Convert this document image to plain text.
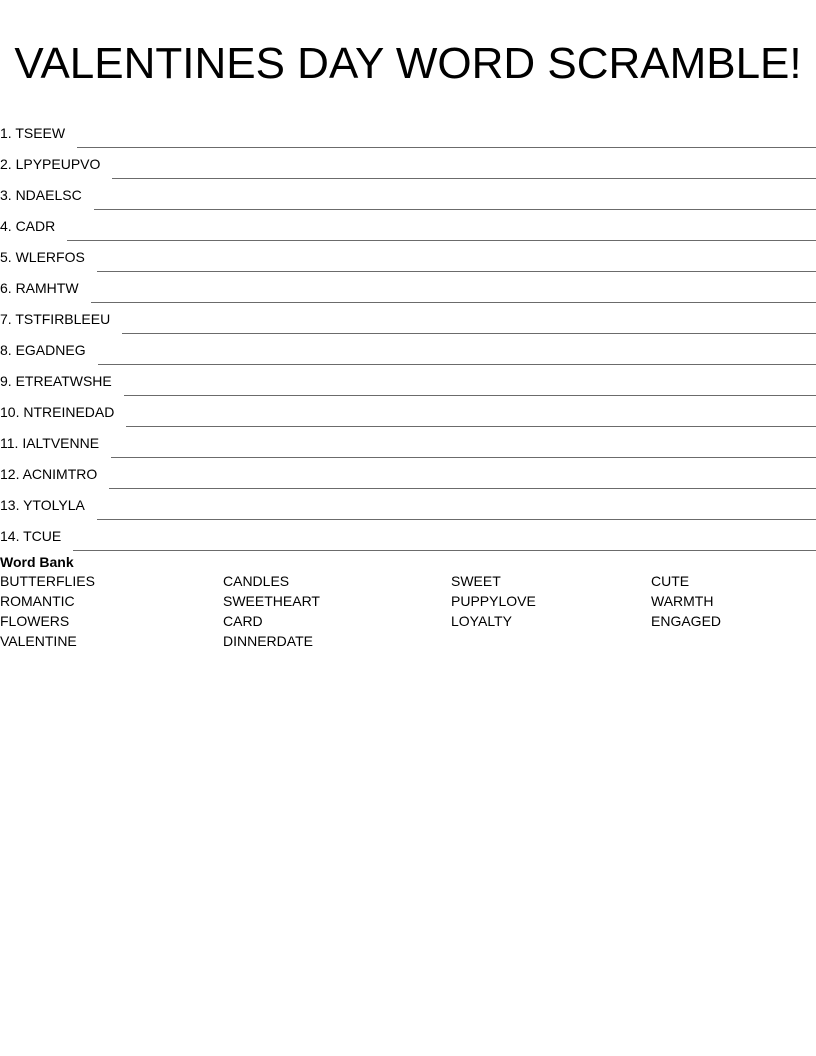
VALENTINES DAY WORD SCRAMBLE!
1. TSEEW
2. LPYPEUPVO
3. NDAELSC
4. CADR
5. WLERFOS
6. RAMHTW
7. TSTFIRBLEEU
8. EGADNEG
9. ETREATWSHE
10. NTREINEDAD
11. IALTVENNE
12. ACNIMTRO
13. YTOLYLA
14. TCUE

Word Bank

BUTTERFLIES	CANDLES	SWEET	CUTE
ROMANTIC	SWEETHEART	PUPPYLOVE	WARMTH
FLOWERS	CARD	LOYALTY	ENGAGED
VALENTINE	DINNERDATE
